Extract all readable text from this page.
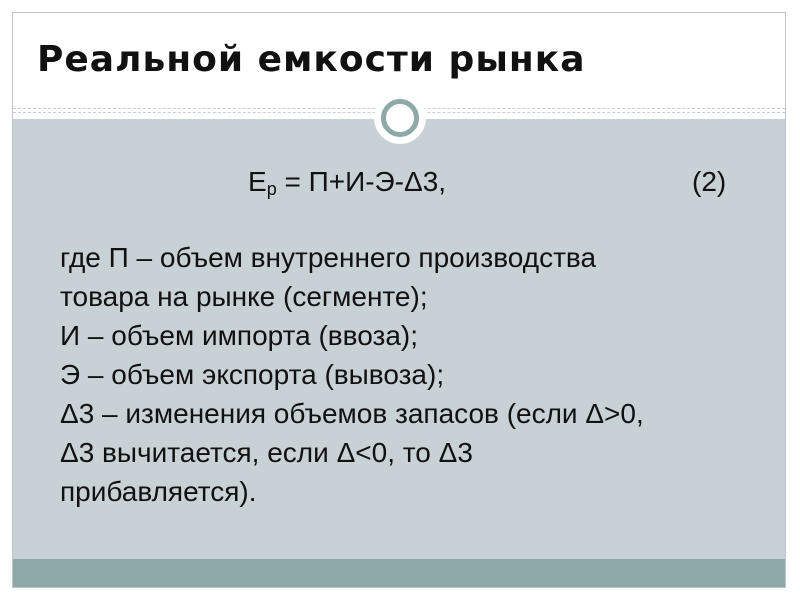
Реальной емкости рынка
$Е_р = П+И-Э-\Delta 3$,	(2)
где П – объем внутреннего производства
товара на рынке (сегменте);
И – объем импорта (ввоза);
Э – объем экспорта (вывоза);
Δ3 – изменения объемов запасов (если Δ>0,
Δ3 вычитается, если Δ<0, то Δ3
прибавляется).
